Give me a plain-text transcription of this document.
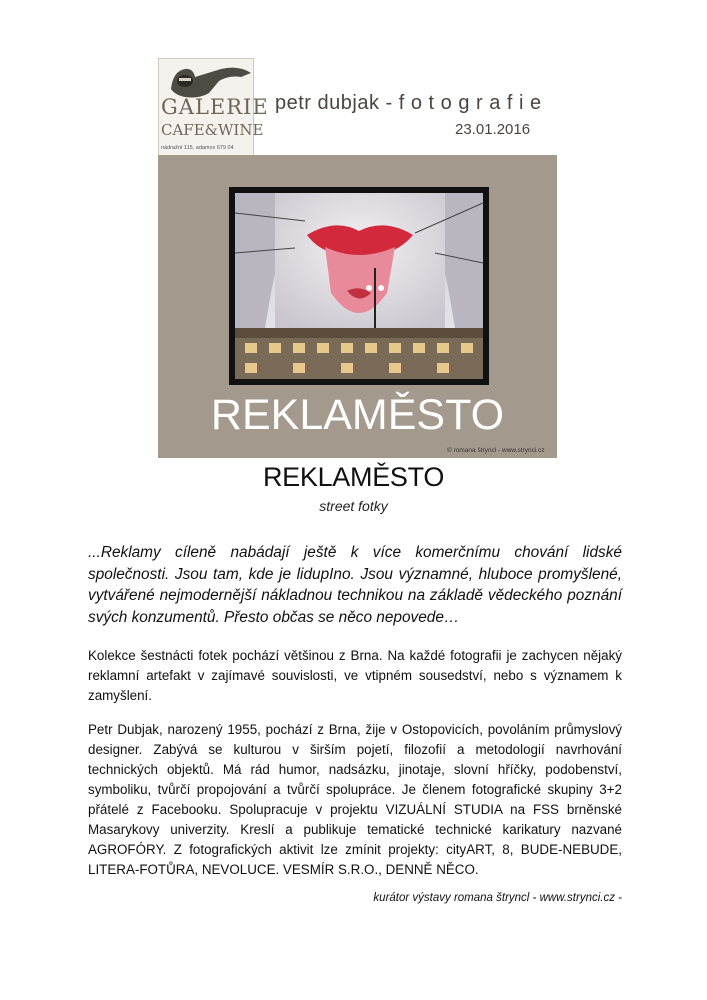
GALERIE
CAFE&WINE
nádražní 115, adamov 679 04
petr dubjak - f o t o g r a f i e
23.01.2016
REKLAMĚSTO
© romana štryncl - www.strynci.cz
REKLAMĚSTO
street fotky
...Reklamy cíleně nabádají ještě k více komerčnímu chování lidské společnosti. Jsou tam, kde je lidupIno. Jsou významné, hluboce promyšlené, vytvářené nejmodernější nákladnou technikou na základě vědeckého poznání svých konzumentů. Přesto občas se něco nepovede…
Kolekce šestnácti fotek pochází většinou z Brna. Na každé fotografii je zachycen nějaký reklamní artefakt v zajímavé souvislosti, ve vtipném sousedství, nebo s významem k zamyšlení.
Petr Dubjak, narozený 1955, pochází z Brna, žije v Ostopovicích, povoláním průmyslový designer. Zabývá se kulturou v širším pojetí, filozofií a metodologií navrhování technických objektů. Má rád humor, nadsázku, jinotaje, slovní hříčky, podobenství, symboliku, tvůrčí propojování a tvůrčí spolupráce. Je členem fotografické skupiny 3+2 přátelé z Facebooku. Spolupracuje v projektu VIZUÁLNÍ STUDIA na FSS brněnské Masarykovy univerzity. Kreslí a publikuje tematické technické karikatury nazvané AGROFÓRY. Z fotografických aktivit lze zmínit projekty: cityART, 8, BUDE-NEBUDE, LITERA-FOTŮRA, NEVOLUCE. VESMÍR S.R.O., DENNĚ NĚCO.
kurátor výstavy romana štryncl - www.strynci.cz -
